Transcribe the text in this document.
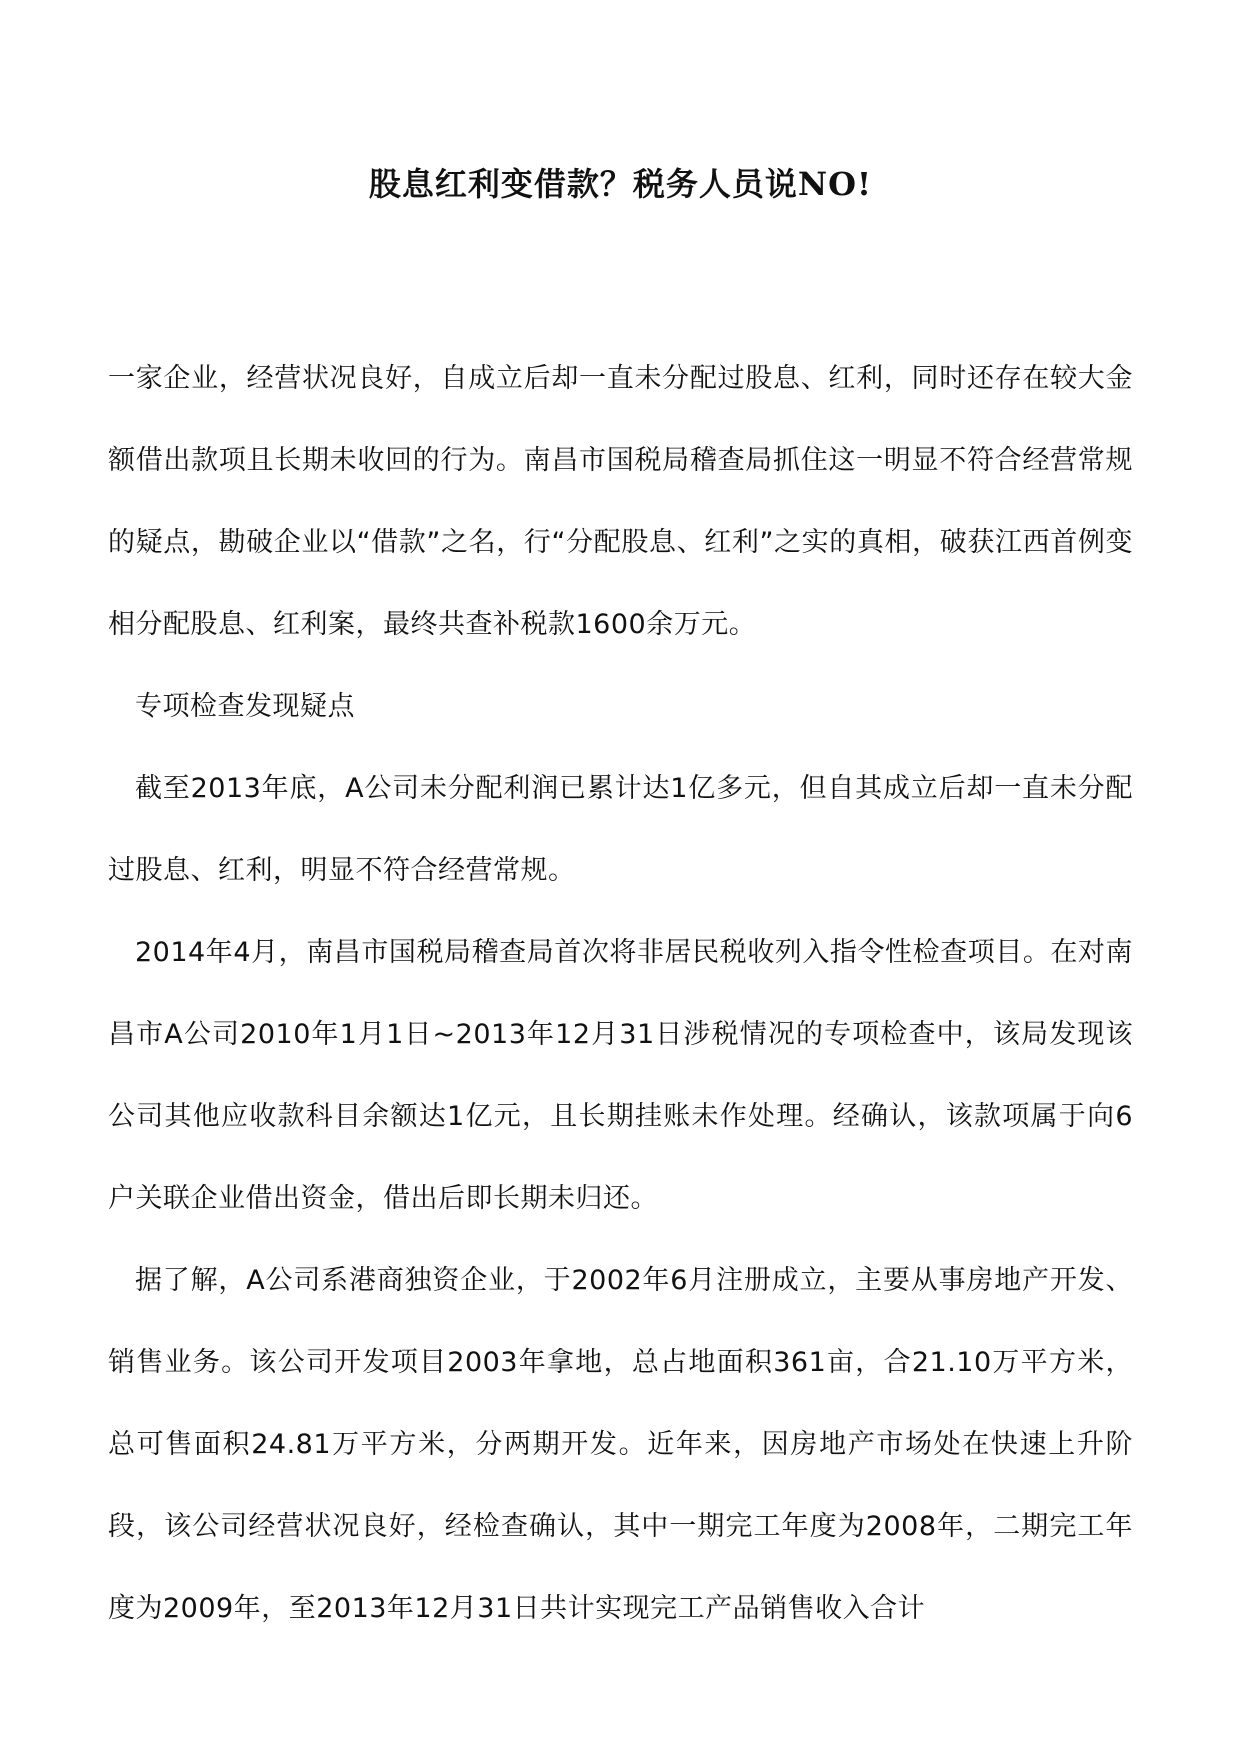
股息红利变借款？税务人员说NO!

一家企业，经营状况良好，自成立后却一直未分配过股息、红利，同时还存在较大金额借出款项且长期未收回的行为。南昌市国税局稽查局抓住这一明显不符合经营常规的疑点，勘破企业以“借款”之名，行“分配股息、红利”之实的真相，破获江西首例变相分配股息、红利案，最终共查补税款1600余万元。

专项检查发现疑点

截至2013年底，A公司未分配利润已累计达1亿多元，但自其成立后却一直未分配过股息、红利，明显不符合经营常规。

2014年4月，南昌市国税局稽查局首次将非居民税收列入指令性检查项目。在对南昌市A公司2010年1月1日~2013年12月31日涉税情况的专项检查中，该局发现该公司其他应收款科目余额达1亿元，且长期挂账未作处理。经确认，该款项属于向6户关联企业借出资金，借出后即长期未归还。

据了解，A公司系港商独资企业，于2002年6月注册成立，主要从事房地产开发、销售业务。该公司开发项目2003年拿地，总占地面积361亩，合21.10万平方米，总可售面积24.81万平方米，分两期开发。近年来，因房地产市场处在快速上升阶段，该公司经营状况良好，经检查确认，其中一期完工年度为2008年，二期完工年度为2009年，至2013年12月31日共计实现完工产品销售收入合计
